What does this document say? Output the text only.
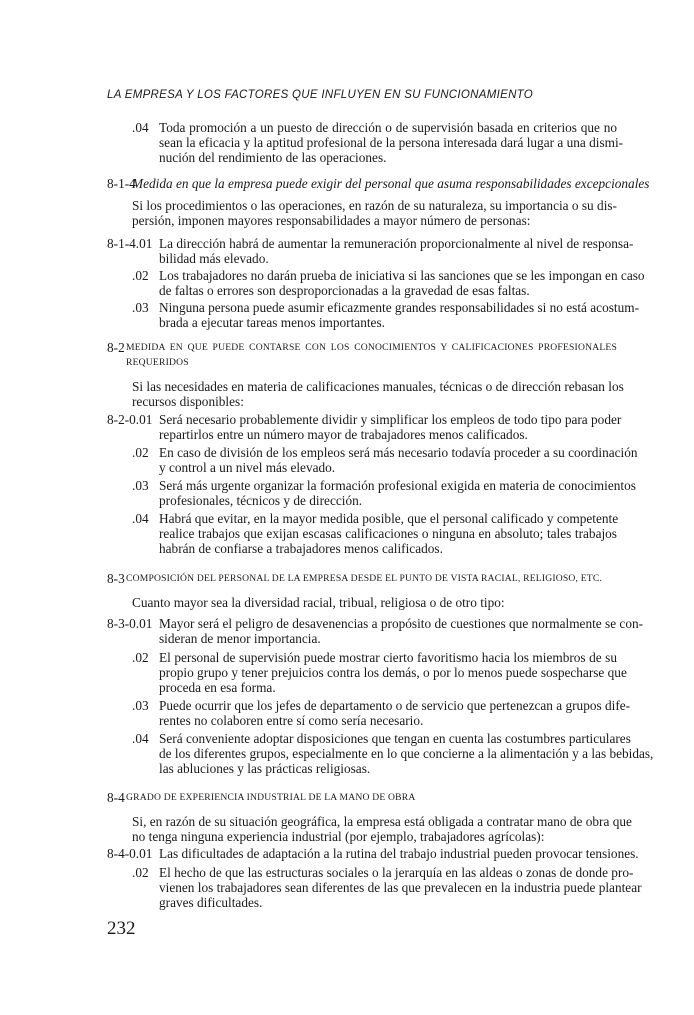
LA EMPRESA Y LOS FACTORES QUE INFLUYEN EN SU FUNCIONAMIENTO
.04 Toda promoción a un puesto de dirección o de supervisión basada en criterios que no
sean la eficacia y la aptitud profesional de la persona interesada dará lugar a una dismi-
nución del rendimiento de las operaciones.
8-1-4
Medida en que la empresa puede exigir del personal que asuma responsabilidades excepcionales
Si los procedimientos o las operaciones, en razón de su naturaleza, su importancia o su dis-
persión, imponen mayores responsabilidades a mayor número de personas:
8-1-4.01 La dirección habrá de aumentar la remuneración proporcionalmente al nivel de responsa-
bilidad más elevado.
.02 Los trabajadores no darán prueba de iniciativa si las sanciones que se les impongan en caso
de faltas o errores son desproporcionadas a la gravedad de esas faltas.
.03 Ninguna persona puede asumir eficazmente grandes responsabilidades si no está acostum-
brada a ejecutar tareas menos importantes.
8-2 MEDIDA EN QUE PUEDE CONTARSE CON LOS CONOCIMIENTOS Y CALIFICACIONES PROFESIONALES
REQUERIDOS
Si las necesidades en materia de calificaciones manuales, técnicas o de dirección rebasan los
recursos disponibles:
8-2-0.01 Será necesario probablemente dividir y simplificar los empleos de todo tipo para poder
repartirlos entre un número mayor de trabajadores menos calificados.
.02 En caso de división de los empleos será más necesario todavía proceder a su coordinación
y control a un nivel más elevado.
.03 Será más urgente organizar la formación profesional exigida en materia de conocimientos
profesionales, técnicos y de dirección.
.04 Habrá que evitar, en la mayor medida posible, que el personal calificado y competente
realice trabajos que exijan escasas calificaciones o ninguna en absoluto; tales trabajos
habrán de confiarse a trabajadores menos calificados.
8-3 COMPOSICIÓN DEL PERSONAL DE LA EMPRESA DESDE EL PUNTO DE VISTA RACIAL, RELIGIOSO, ETC.
Cuanto mayor sea la diversidad racial, tribual, religiosa o de otro tipo:
8-3-0.01 Mayor será el peligro de desavenencias a propósito de cuestiones que normalmente se con-
sideran de menor importancia.
.02 El personal de supervisión puede mostrar cierto favoritismo hacia los miembros de su
propio grupo y tener prejuicios contra los demás, o por lo menos puede sospecharse que
proceda en esa forma.
.03 Puede ocurrir que los jefes de departamento o de servicio que pertenezcan a grupos dife-
rentes no colaboren entre sí como sería necesario.
.04 Será conveniente adoptar disposiciones que tengan en cuenta las costumbres particulares
de los diferentes grupos, especialmente en lo que concierne a la alimentación y a las bebidas,
las abluciones y las prácticas religiosas.
8-4 GRADO DE EXPERIENCIA INDUSTRIAL DE LA MANO DE OBRA
Si, en razón de su situación geográfica, la empresa está obligada a contratar mano de obra que
no tenga ninguna experiencia industrial (por ejemplo, trabajadores agrícolas):
8-4-0.01 Las dificultades de adaptación a la rutina del trabajo industrial pueden provocar tensiones.
.02 El hecho de que las estructuras sociales o la jerarquía en las aldeas o zonas de donde pro-
vienen los trabajadores sean diferentes de las que prevalecen en la industria puede plantear
graves dificultades.
232
